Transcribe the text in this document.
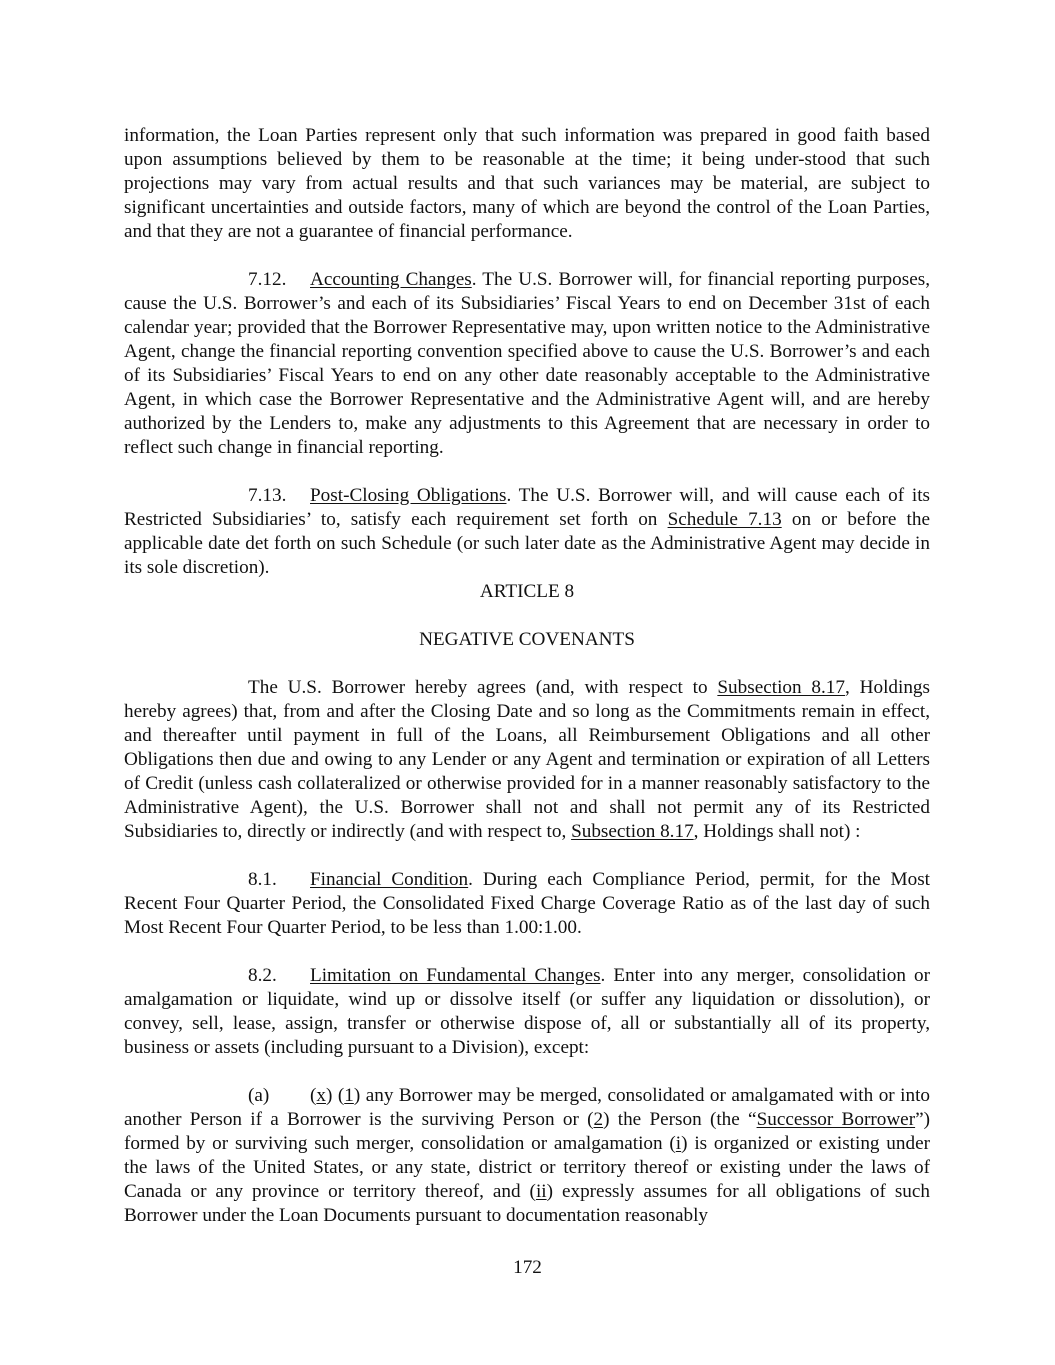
information, the Loan Parties represent only that such information was prepared in good faith based upon assumptions believed by them to be reasonable at the time; it being under-stood that such projections may vary from actual results and that such variances may be material, are subject to significant uncertainties and outside factors, many of which are beyond the control of the Loan Parties, and that they are not a guarantee of financial performance.

7.12. Accounting Changes. The U.S. Borrower will, for financial reporting purposes, cause the U.S. Borrower’s and each of its Subsidiaries’ Fiscal Years to end on December 31st of each calendar year; provided that the Borrower Representative may, upon written notice to the Administrative Agent, change the financial reporting convention specified above to cause the U.S. Borrower’s and each of its Subsidiaries’ Fiscal Years to end on any other date reasonably acceptable to the Administrative Agent, in which case the Borrower Representative and the Administrative Agent will, and are hereby authorized by the Lenders to, make any adjustments to this Agreement that are necessary in order to reflect such change in financial reporting.

7.13. Post-Closing Obligations. The U.S. Borrower will, and will cause each of its Restricted Subsidiaries’ to, satisfy each requirement set forth on Schedule 7.13 on or before the applicable date det forth on such Schedule (or such later date as the Administrative Agent may decide in its sole discretion).

ARTICLE 8

NEGATIVE COVENANTS

The U.S. Borrower hereby agrees (and, with respect to Subsection 8.17, Holdings hereby agrees) that, from and after the Closing Date and so long as the Commitments remain in effect, and thereafter until payment in full of the Loans, all Reimbursement Obligations and all other Obligations then due and owing to any Lender or any Agent and termination or expiration of all Letters of Credit (unless cash collateralized or otherwise provided for in a manner reasonably satisfactory to the Administrative Agent), the U.S. Borrower shall not and shall not permit any of its Restricted Subsidiaries to, directly or indirectly (and with respect to, Subsection 8.17, Holdings shall not) :

8.1. Financial Condition. During each Compliance Period, permit, for the Most Recent Four Quarter Period, the Consolidated Fixed Charge Coverage Ratio as of the last day of such Most Recent Four Quarter Period, to be less than 1.00:1.00.

8.2. Limitation on Fundamental Changes. Enter into any merger, consolidation or amalgamation or liquidate, wind up or dissolve itself (or suffer any liquidation or dissolution), or convey, sell, lease, assign, transfer or otherwise dispose of, all or substantially all of its property, business or assets (including pursuant to a Division), except:

(a) (x) (1) any Borrower may be merged, consolidated or amalgamated with or into another Person if a Borrower is the surviving Person or (2) the Person (the “Successor Borrower”) formed by or surviving such merger, consolidation or amalgamation (i) is organized or existing under the laws of the United States, or any state, district or territory thereof or existing under the laws of Canada or any province or territory thereof, and (ii) expressly assumes for all obligations of such Borrower under the Loan Documents pursuant to documentation reasonably

172
